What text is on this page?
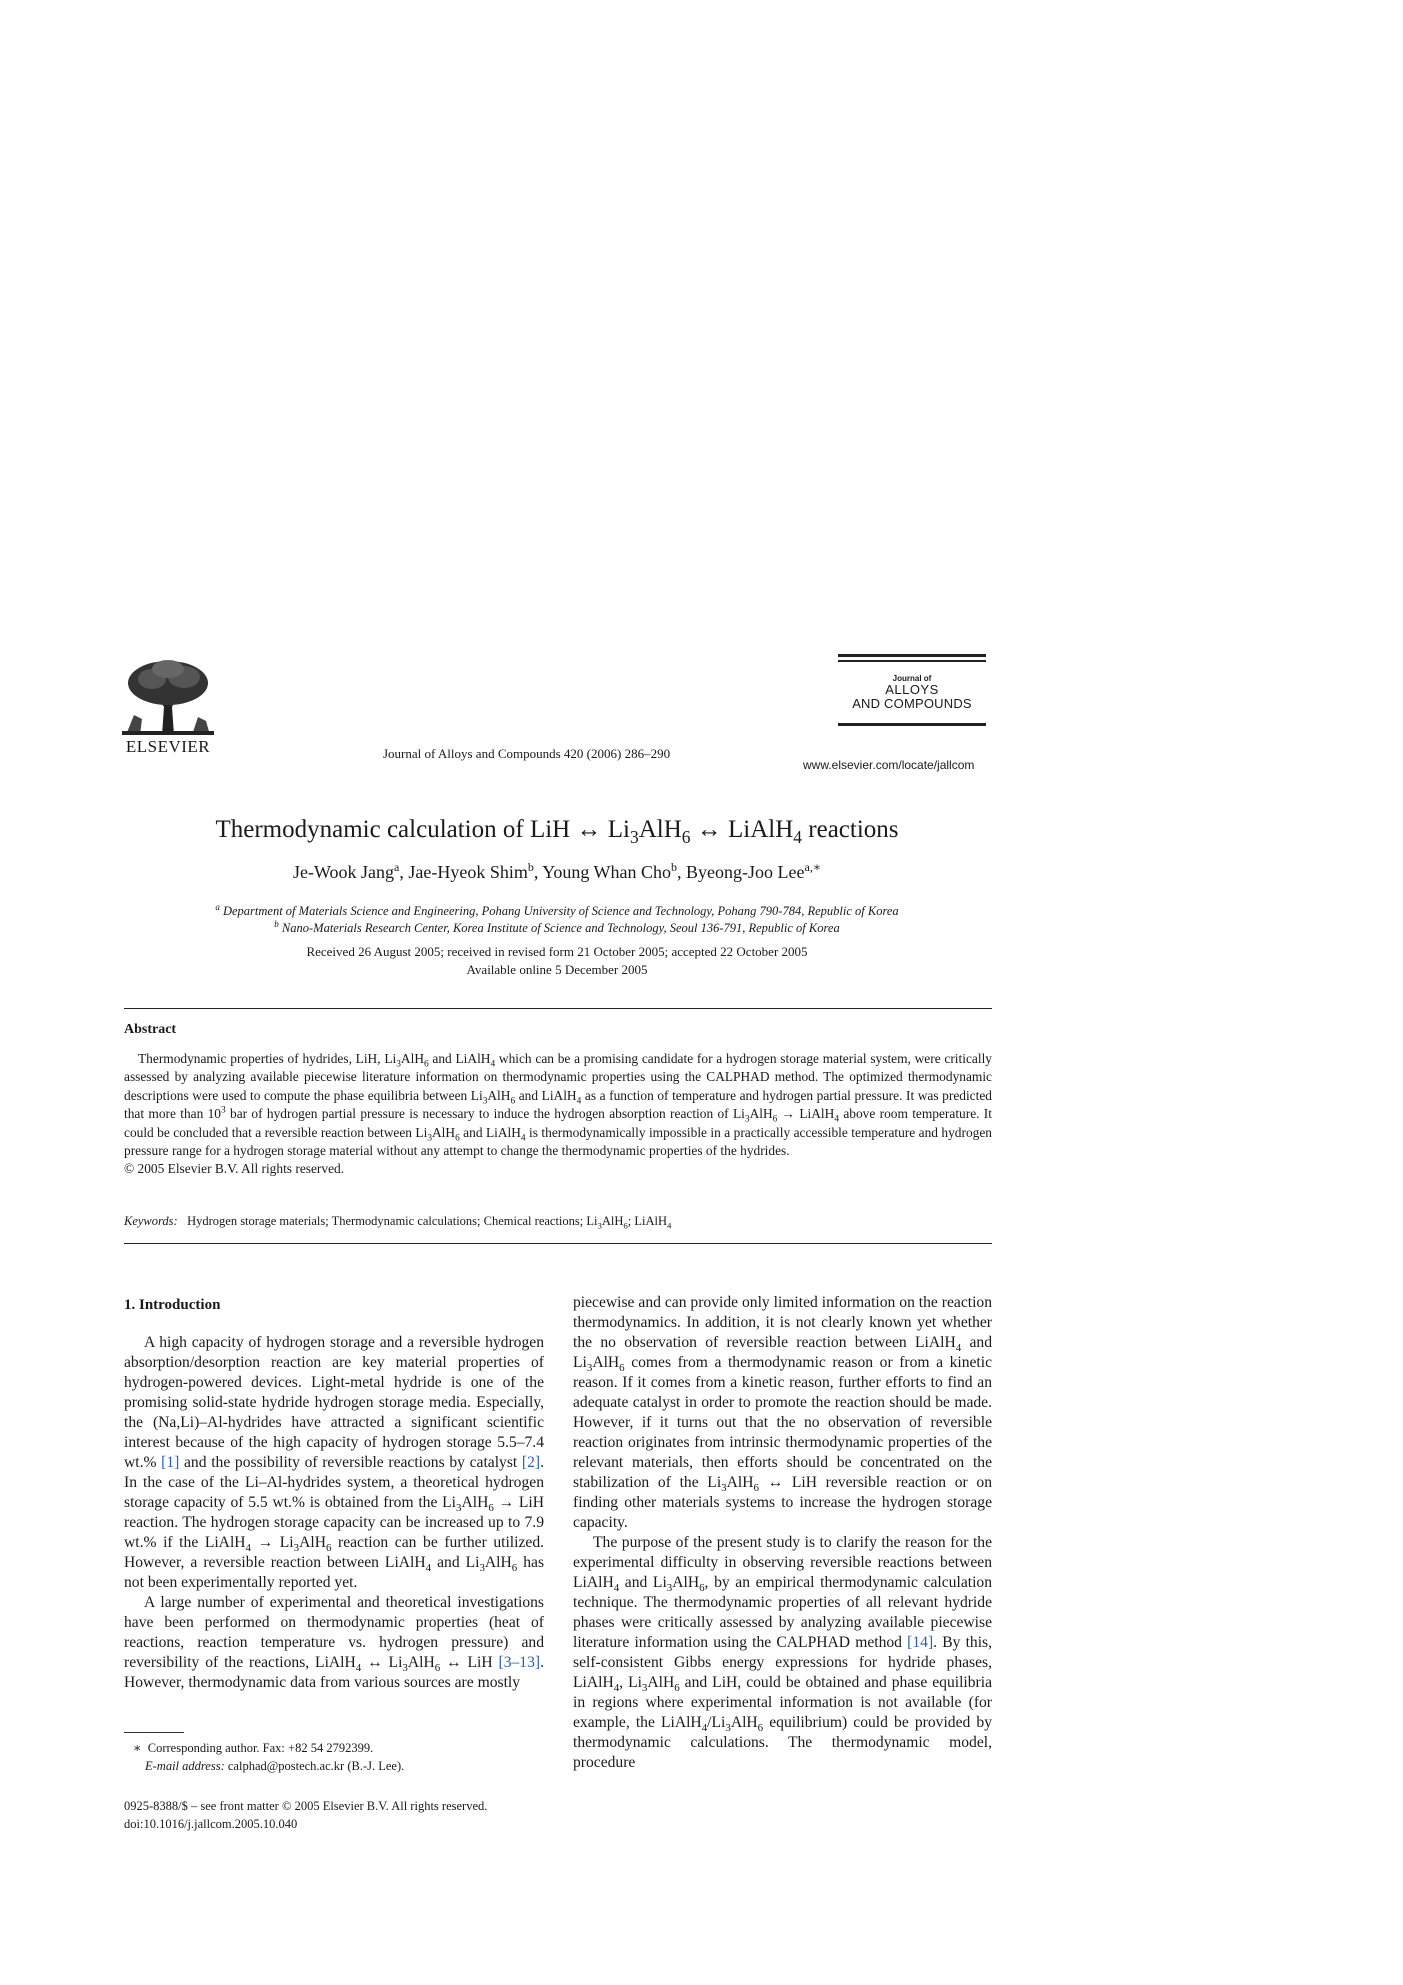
ELSEVIER	Journal of Alloys and Compounds 420 (2006) 286–290
Journal of
ALLOYS
AND COMPOUNDS
www.elsevier.com/locate/jallcom
Thermodynamic calculation of LiH ↔ $Li_3AlH_6$ ↔ LiAlH$_4$ reactions
Je-Wook Jang$^a$, Jae-Hyeok Shim$^b$, Young Whan Cho$^b$, Byeong-Joo Lee$^{a,∗}$
$^a$ Department of Materials Science and Engineering, Pohang University of Science and Technology, Pohang 790-784, Republic of Korea
$^b$ Nano-Materials Research Center, Korea Institute of Science and Technology, Seoul 136-791, Republic of Korea
Received 26 August 2005; received in revised form 21 October 2005; accepted 22 October 2005
Available online 5 December 2005
Abstract
Thermodynamic properties of hydrides, LiH, $Li_3AlH_6$ and LiAlH$_4$ which can be a promising candidate for a hydrogen storage material system, were critically assessed by analyzing available piecewise literature information on thermodynamic properties using the CALPHAD method. The optimized thermodynamic descriptions were used to compute the phase equilibria between $Li_3AlH_6$ and LiAlH$_4$ as a function of temperature and hydrogen partial pressure. It was predicted that more than $10^3$ bar of hydrogen partial pressure is necessary to induce the hydrogen absorption reaction of $Li_3AlH_6$ → LiAlH$_4$ above room temperature. It could be concluded that a reversible reaction between $Li_3AlH_6$ and LiAlH$_4$ is thermodynamically impossible in a practically accessible temperature and hydrogen pressure range for a hydrogen storage material without any attempt to change the thermodynamic properties of the hydrides.
© 2005 Elsevier B.V. All rights reserved.
Keywords: Hydrogen storage materials; Thermodynamic calculations; Chemical reactions; $Li_3AlH_6$; LiAlH$_4$
1. Introduction

A high capacity of hydrogen storage and a reversible hydrogen absorption/desorption reaction are key material properties of hydrogen-powered devices. Light-metal hydride is one of the promising solid-state hydride hydrogen storage media. Especially, the (Na,Li)–Al-hydrides have attracted a significant scientific interest because of the high capacity of hydrogen storage 5.5–7.4 wt.% [1] and the possibility of reversible reactions by catalyst [2]. In the case of the Li–Al-hydrides system, a theoretical hydrogen storage capacity of 5.5 wt.% is obtained from the $Li_3AlH_6$ → LiH reaction. The hydrogen storage capacity can be increased up to 7.9 wt.% if the LiAlH$_4$ → $Li_3AlH_6$ reaction can be further utilized. However, a reversible reaction between LiAlH$_4$ and $Li_3AlH_6$ has not been experimentally reported yet.

A large number of experimental and theoretical investigations have been performed on thermodynamic properties (heat of reactions, reaction temperature vs. hydrogen pressure) and reversibility of the reactions, LiAlH$_4$ ↔ $Li_3AlH_6$ ↔ LiH [3–13]. However, thermodynamic data from various sources are mostly

piecewise and can provide only limited information on the reaction thermodynamics. In addition, it is not clearly known yet whether the no observation of reversible reaction between LiAlH$_4$ and $Li_3AlH_6$ comes from a thermodynamic reason or from a kinetic reason. If it comes from a kinetic reason, further efforts to find an adequate catalyst in order to promote the reaction should be made. However, if it turns out that the no observation of reversible reaction originates from intrinsic thermodynamic properties of the relevant materials, then efforts should be concentrated on the stabilization of the $Li_3AlH_6$ ↔ LiH reversible reaction or on finding other materials systems to increase the hydrogen storage capacity.

The purpose of the present study is to clarify the reason for the experimental difficulty in observing reversible reactions between LiAlH$_4$ and $Li_3AlH_6$, by an empirical thermodynamic calculation technique. The thermodynamic properties of all relevant hydride phases were critically assessed by analyzing available piecewise literature information using the CALPHAD method [14]. By this, self-consistent Gibbs energy expressions for hydride phases, LiAlH$_4$, $Li_3AlH_6$ and LiH, could be obtained and phase equilibria in regions where experimental information is not available (for example, the $LiAlH_4/Li_3AlH_6$ equilibrium) could be provided by thermodynamic calculations. The thermodynamic model, procedure

∗ Corresponding author. Fax: +82 54 2792399.
E-mail address: calphad@postech.ac.kr (B.-J. Lee).
0925-8388/$ – see front matter © 2005 Elsevier B.V. All rights reserved.
doi:10.1016/j.jallcom.2005.10.040
